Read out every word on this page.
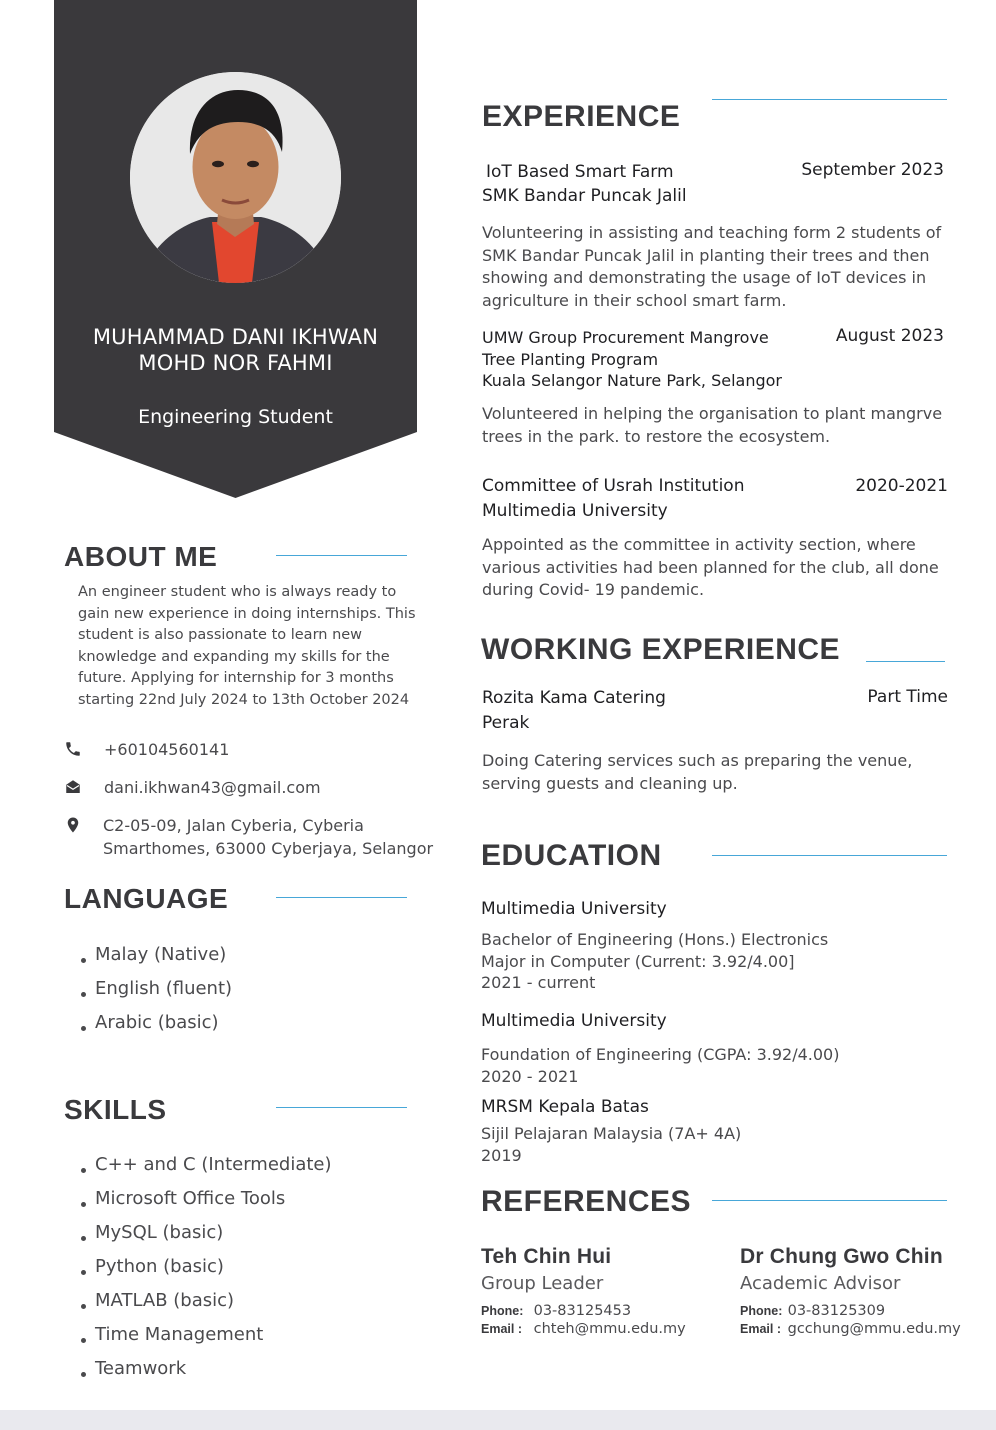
MUHAMMAD DANI IKHWAN
MOHD NOR FAHMI
Engineering Student
ABOUT ME
An engineer student who is always ready to gain new experience in doing internships. This student is also passionate to learn new knowledge and expanding my skills for the future. Applying for internship for 3 months starting 22nd July 2024 to 13th October 2024
+60104560141
dani.ikhwan43@gmail.com
C2-05-09, Jalan Cyberia, Cyberia
Smarthomes, 63000 Cyberjaya, Selangor
LANGUAGE
Malay (Native)
English (fluent)
Arabic (basic)
SKILLS
C++ and C (Intermediate)
Microsoft Office Tools
MySQL (basic)
Python (basic)
MATLAB (basic)
Time Management
Teamwork
EXPERIENCE
IoT Based Smart Farm
SMK Bandar Puncak Jalil
September 2023
Volunteering in assisting and teaching form 2 students of SMK Bandar Puncak Jalil in planting their trees and then showing and demonstrating the usage of IoT devices in agriculture in their school smart farm.
UMW Group Procurement Mangrove
Tree Planting Program
Kuala Selangor Nature Park, Selangor
August 2023
Volunteered in helping the organisation to plant mangrve trees in the park. to restore the ecosystem.
Committee of Usrah Institution
Multimedia University
2020-2021
Appointed as the committee in activity section, where various activities had been planned for the club, all done during Covid- 19 pandemic.
WORKING EXPERIENCE
Rozita Kama Catering
Perak
Part Time
Doing Catering services such as preparing the venue, serving guests and cleaning up.
EDUCATION
Multimedia University
Bachelor of Engineering (Hons.) Electronics
Major in Computer (Current: 3.92/4.00]
2021 - current
Multimedia University
Foundation of Engineering (CGPA: 3.92/4.00)
2020 - 2021
MRSM Kepala Batas
Sijil Pelajaran Malaysia (7A+ 4A)
2019
REFERENCES
Teh Chin Hui
Group Leader
Phone: 03-83125453
Email : chteh@mmu.edu.my
Dr Chung Gwo Chin
Academic Advisor
Phone: 03-83125309
Email : gcchung@mmu.edu.my
